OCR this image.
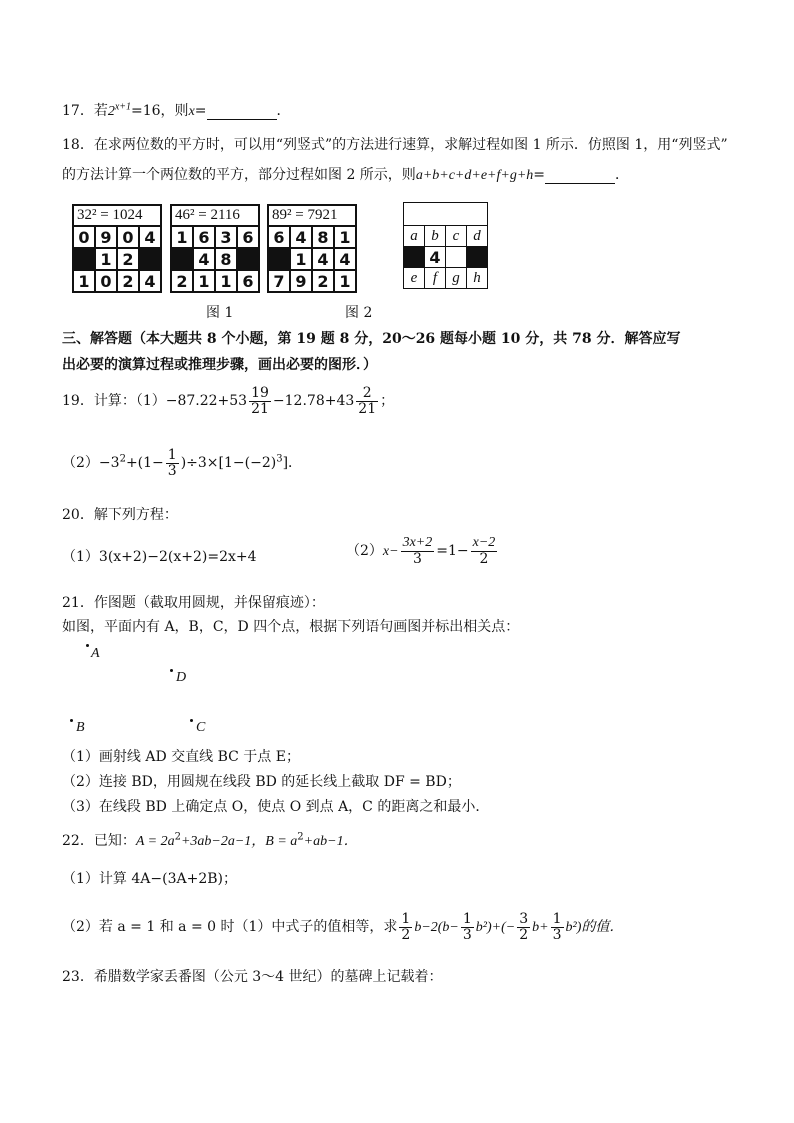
17．若$2^{x+1}=16$，则x=	．
18．在求两位数的平方时，可以用“列竖式”的方法进行速算，求解过程如图 1 所示．仿照图 1，用“列竖式”
的方法计算一个两位数的平方，部分过程如图 2 所示，则a+b+c+d+e+f+g+h=	．
32² = 1024			
0	9	0	4
	1	2	
1	0	2	4
46² = 2116			
1	6	3	6
	4	8	
2	1	1	6
89² = 7921			
6	4	8	1
	1	4	4
7	9	2	1

a	b	c	d
	4		
e	f	g	h
图 1	图 2
三、解答题（本大题共 8 个小题，第 19 题 8 分，20～26 题每小题 10 分，共 78 分．解答应写
出必要的演算过程或推理步骤，画出必要的图形．）
19．计算：$(1)-87.22+53 \frac{19}{21} -12.78+43 \frac{2}{21}$ ；
$(2)-3^2+(1- \frac{1}{3} )\div 3\times[1-(-2)^3]$．
20．解下列方程：
（1）3(x+2)−2(x+2)=2x+4	$(2)x- \frac{3x+2}{3} =1- \frac{x-2}{2}$
21．作图题（截取用圆规，并保留痕迹）：
如图，平面内有 A，B，C，D 四个点，根据下列语句画图并标出相关点：
A
D
B	C
（1）画射线 AD 交直线 BC 于点 E；
（2）连接 BD，用圆规在线段 BD 的延长线上截取 DF = BD；
（3）在线段 BD 上确定点 O，使点 O 到点 A，C 的距离之和最小．
22．已知：$A = 2a^2+3ab-2a-1$，$B = a^2+ab-1$．
（1）计算 4A−(3A+2B)；
（2）若 a = 1 和 a = 0 时（1）中式子的值相等，求 $\frac{1}{2} b-2(b- \frac{1}{3} b^2)+(- \frac{3}{2} b+ \frac{1}{3} b^2)$的值．
23．希腊数学家丢番图（公元 3～4 世纪）的墓碑上记载着：
